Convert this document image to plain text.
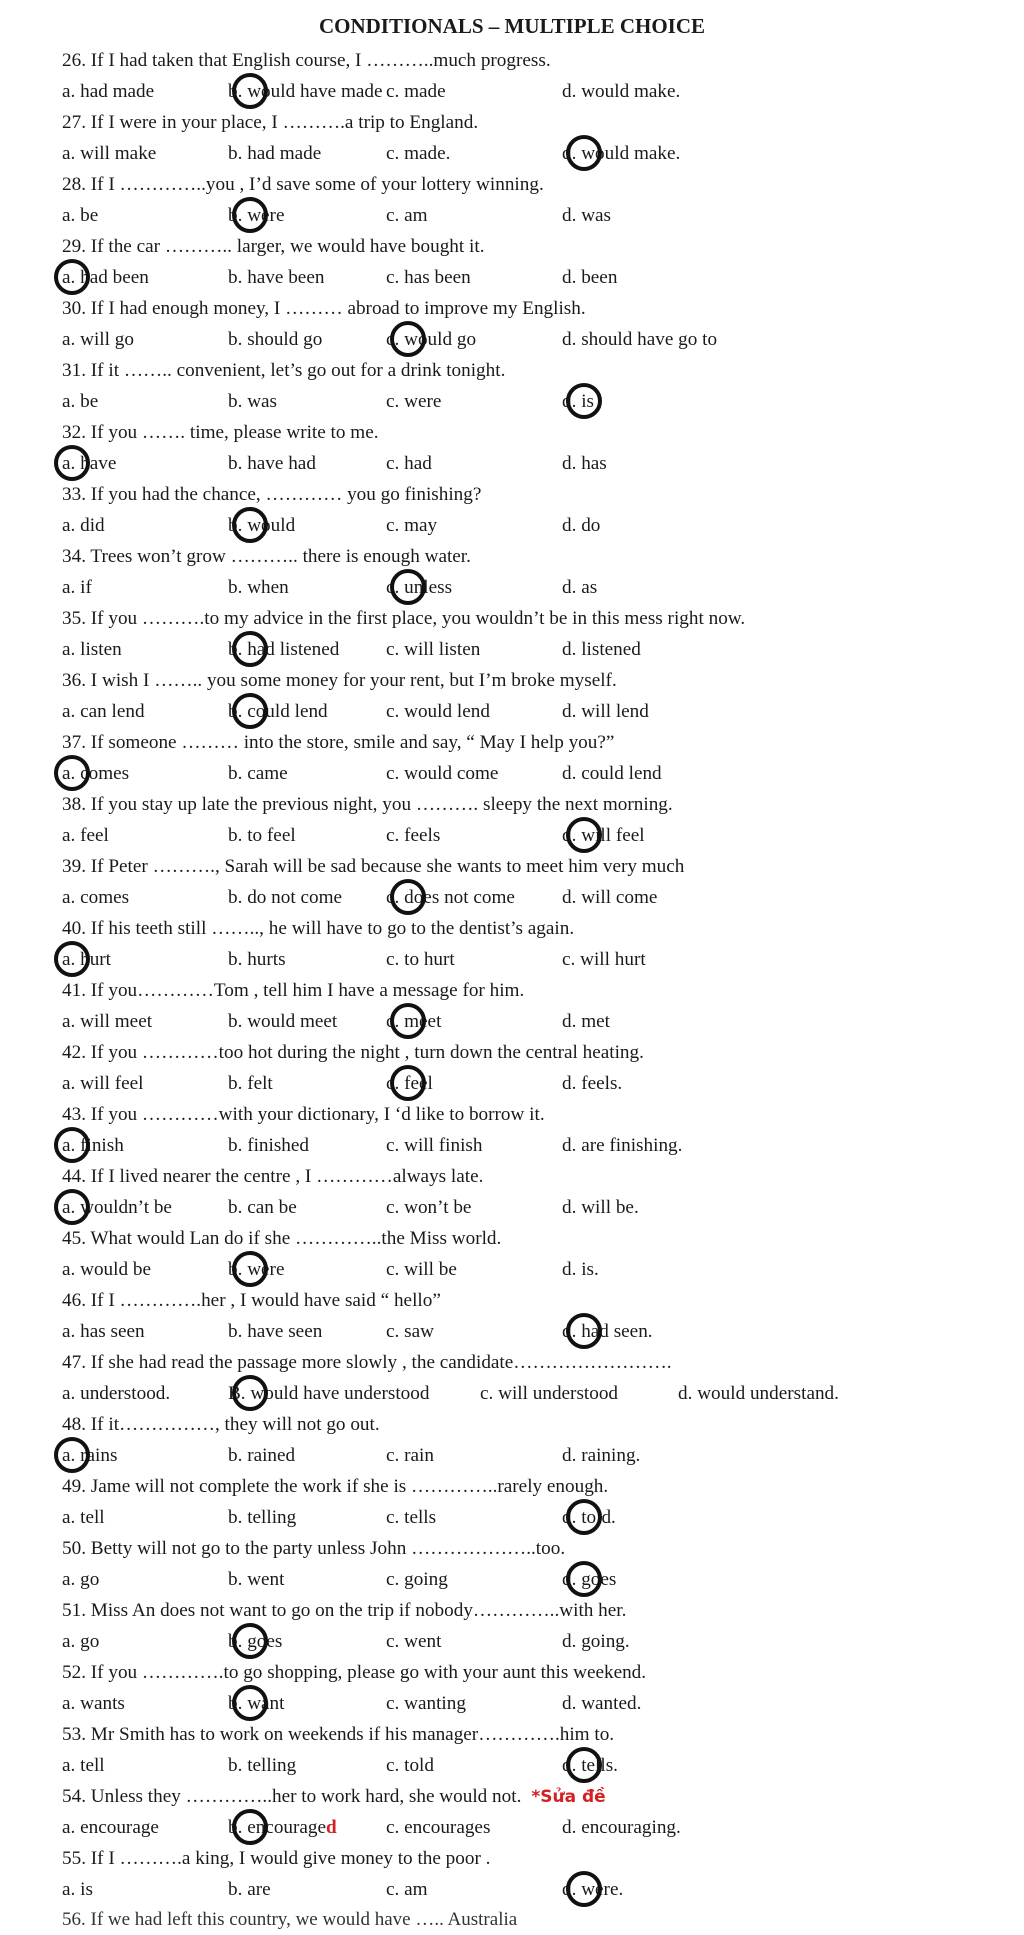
CONDITIONALS – MULTIPLE CHOICE
26. If I had taken that English course, I ………..much progress.
a. had made	b. would have made c. made	d. would make.
27. If I were in your place, I ……….a trip to England.
a. will make	b. had made	c. made.	d. would make.
28. If I …………..you , I’d save some of your lottery winning.
a. be	b. were	c. am	d. was
29. If the car ……….. larger, we would have bought it.
a. had been	b. have been	c. has been	d. been
30. If I had enough money, I ……… abroad to improve my English.
a. will go	b. should go	c. would go	d. should have go to
31. If it …….. convenient, let’s go out for a drink tonight.
a. be	b. was	c. were	d. is
32. If you ……. time, please write to me.
a. have	b. have had	c. had	d. has
33. If you had the chance, ………… you go finishing?
a. did	b. would	c. may	d. do
34. Trees won’t grow ……….. there is enough water.
a. if	b. when	c. unless	d. as
35. If you ……….to my advice in the first place, you wouldn’t be in this mess right now.
a. listen	b. had listened c. will listen	d. listened
36. I wish I …….. you some money for your rent, but I’m broke myself.
a. can lend	b. could lend	c. would lend	d. will lend
37. If someone ……… into the store, smile and say, “ May I help you?”
a. comes	b. came	c. would come	d. could lend
38. If you stay up late the previous night, you ………. sleepy the next morning.
a. feel	b. to feel	c. feels	d. will feel
39. If Peter ………., Sarah will be sad because she wants to meet him very much
a. comes	b. do not come c. does not come d. will come
40. If his teeth still …….., he will have to go to the dentist’s again.
a. hurt	b. hurts	c. to hurt	c. will hurt
41. If you…………Tom , tell him I have a message for him.
a. will meet	b. would meet	c. meet	d. met
42. If you …………too hot during the night , turn down the central heating.
a. will feel	b. felt	c. feel	d. feels.
43. If you …………with your dictionary, I ‘d like to borrow it.
a. finish	b. finished	c. will finish	d. are finishing.
44. If I lived nearer the centre , I …………always late.
a. wouldn’t be	b. can be	c. won’t be	d. will be.
45. What would Lan do if she …………..the Miss world.
a. would be	b. were	c. will be	d. is.
46. If I ………….her , I would have said “ hello”
a. has seen	b. have seen	c. saw	d. had seen.
47. If she had read the passage more slowly , the candidate…………………….
a. understood.	B. would have understood	c. will understood	d. would understand.
48. If it……………, they will not go out.
a. rains	b. rained	c. rain	d. raining.
49. Jame will not complete the work if she is …………..rarely enough.
a. tell	b. telling	c. tells	d. told.
50. Betty will not go to the party unless John ………………..too.
a. go	b. went	c. going	d. goes
51. Miss An does not want to go on the trip if nobody…………..with her.
a. go	b. goes	c. went	d. going.
52. If you ………….to go shopping, please go with your aunt this weekend.
a. wants	b. want	c. wanting	d. wanted.
53. Mr Smith has to work on weekends if his manager………….him to.
a. tell	b. telling	c. told	d. tells.
54. Unless they …………..her to work hard, she would not. *Sửa đề
a. encourage	b. encouraged	c. encourages	d. encouraging.
55. If I ……….a king, I would give money to the poor .
a. is	b. are	c. am	d. were.
56. If we had left this country, we would have ….. Australia
